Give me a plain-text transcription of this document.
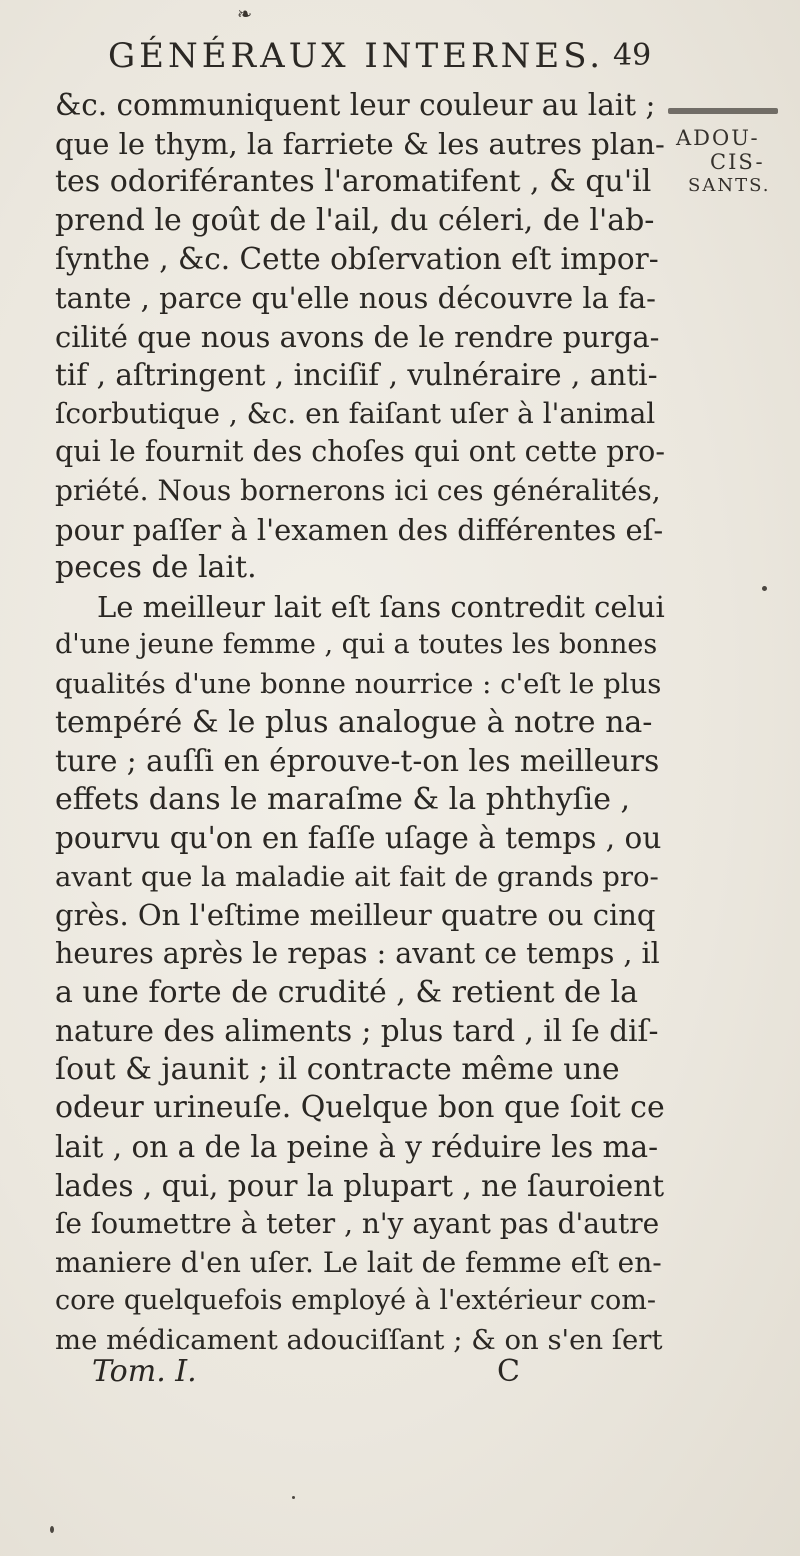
❧
GÉNÉRAUX INTERNES. 49
ADOU-
CIS-
SANTS.
&c. communiquent leur couleur au lait ;
que le thym, la farriete & les autres plan-
tes odoriférantes l'aromatifent , & qu'il
prend le goût de l'ail, du céleri, de l'ab-
ſynthe , &c. Cette obſervation eſt impor-
tante , parce qu'elle nous découvre la fa-
cilité que nous avons de le rendre purga-
tif , aſtringent , inciſif , vulnéraire , anti-
ſcorbutique , &c. en faiſant uſer à l'animal
qui le fournit des choſes qui ont cette pro-
priété. Nous bornerons ici ces généralités,
pour paſſer à l'examen des différentes eſ-
peces de lait.
Le meilleur lait eſt ſans contredit celui
d'une jeune femme , qui a toutes les bonnes
qualités d'une bonne nourrice : c'eſt le plus
tempéré & le plus analogue à notre na-
ture ; auſſi en éprouve-t-on les meilleurs
effets dans le maraſme & la phthyſie ,
pourvu qu'on en faſſe uſage à temps , ou
avant que la maladie ait fait de grands pro-
grès. On l'eſtime meilleur quatre ou cinq
heures après le repas : avant ce temps , il
a une forte de crudité , & retient de la
nature des aliments ; plus tard , il ſe diſ-
ſout & jaunit ; il contracte même une
odeur urineuſe. Quelque bon que ſoit ce
lait , on a de la peine à y réduire les ma-
lades , qui, pour la plupart , ne ſauroient
ſe ſoumettre à teter , n'y ayant pas d'autre
maniere d'en uſer. Le lait de femme eſt en-
core quelquefois employé à l'extérieur com-
me médicament adouciſſant ; & on s'en ſert
Tom. I.	C
